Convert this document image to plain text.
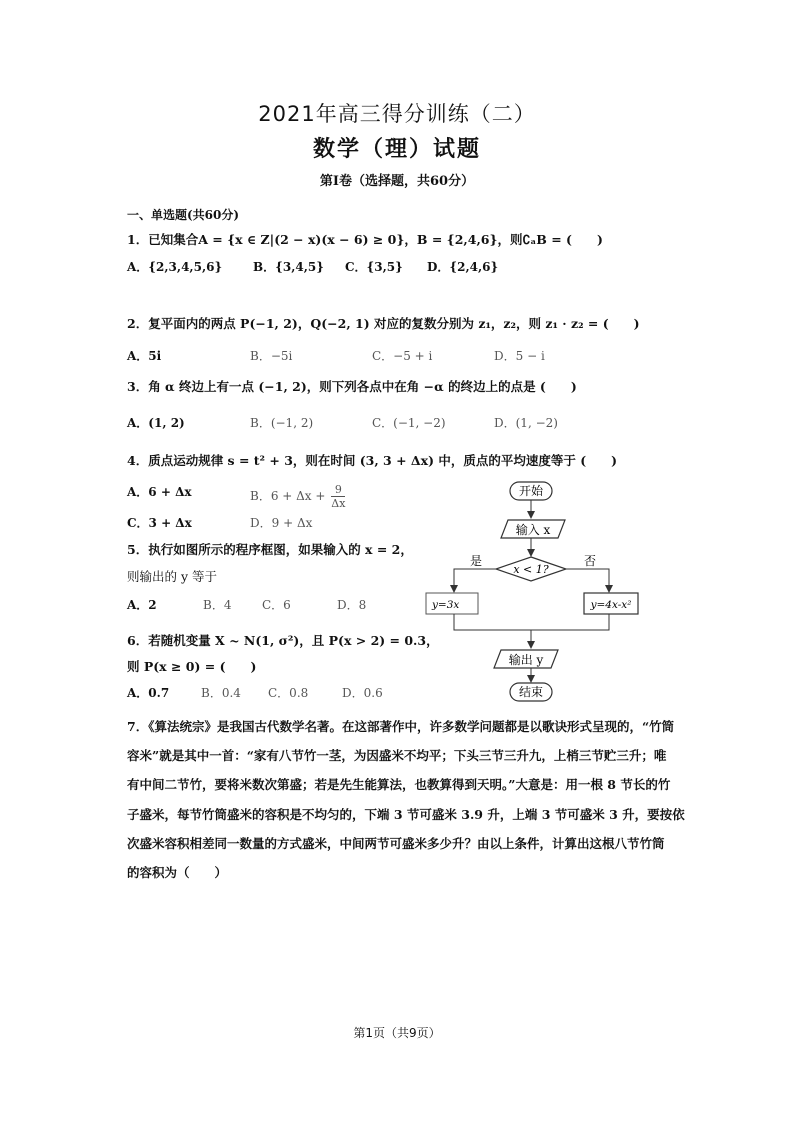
2021年高三得分训练（二）
数学（理）试题
第Ⅰ卷（选择题，共60分）
一、单选题(共60分)
1．已知集合A = {x ∈ Z|(2 − x)(x − 6) ≥ 0}，B = {2,4,6}，则∁ₐB = (　　)
A．{2,3,4,5,6}	B．{3,4,5} C．{3,5} D．{2,4,6}
2．复平面内的两点 P(−1, 2)，Q(−2, 1) 对应的复数分别为 z₁，z₂，则 z₁ · z₂ = (　　)
A．5i	B．−5i	C．−5 + i	D．5 − i
3．角 α 终边上有一点 (−1, 2)，则下列各点中在角 −α 的终边上的点是 (　　)
A．(1, 2)	B．(−1, 2)	C．(−1, −2)	D．(1, −2)
4．质点运动规律 s = t² + 3，则在时间 (3, 3 + Δx) 中，质点的平均速度等于 (　　)
A．6 + Δx	B．$6 + \Delta x + \frac{9}{\Delta x}$
C．3 + Δx	D．9 + Δx
5．执行如图所示的程序框图，如果输入的 x = 2，
则输出的 y 等于
A．2	B．4	C．6	D．8
6．若随机变量 X ~ N(1, σ²)，且 P(x > 2) = 0.3，
则 P(x ≥ 0) = (　　)
A．0.7	B．0.4 C．0.8	D．0.6
开始
输入 x
x < 1?
是	否
y=3x	y=4x-x²
输出 y
结束
7．《算法统宗》是我国古代数学名著。在这部著作中，许多数学问题都是以歌诀形式呈现的，“竹筒
容米”就是其中一首：“家有八节竹一茎，为因盛米不均平；下头三节三升九，上梢三节贮三升；唯
有中间二节竹，要将米数次第盛；若是先生能算法，也教算得到天明。”大意是：用一根 8 节长的竹
子盛米，每节竹筒盛米的容积是不均匀的，下端 3 节可盛米 3.9 升，上端 3 节可盛米 3 升，要按依
次盛米容积相差同一数量的方式盛米，中间两节可盛米多少升？由以上条件，计算出这根八节竹筒
的容积为（　　）
第1页（共9页）
